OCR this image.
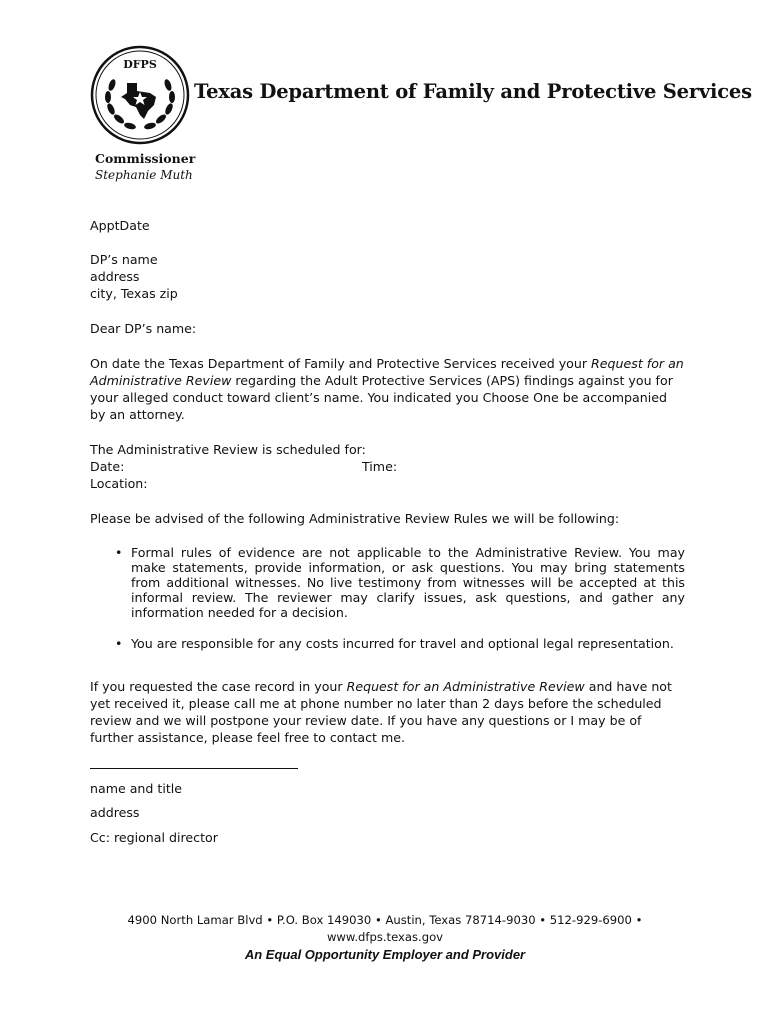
DFPS
Texas Department of Family and Protective Services
Commissioner
Stephanie Muth
ApptDate
DP’s name
address
city, Texas zip
Dear DP’s name:
On date the Texas Department of Family and Protective Services received your Request for an Administrative Review regarding the Adult Protective Services (APS) findings against you for your alleged conduct toward client’s name. You indicated you Choose One be accompanied by an attorney.
The Administrative Review is scheduled for:
Date:	Time:
Location:
Please be advised of the following Administrative Review Rules we will be following:
• Formal rules of evidence are not applicable to the Administrative Review. You may make statements, provide information, or ask questions. You may bring statements from additional witnesses. No live testimony from witnesses will be accepted at this informal review. The reviewer may clarify issues, ask questions, and gather any information needed for a decision.
• You are responsible for any costs incurred for travel and optional legal representation.
If you requested the case record in your Request for an Administrative Review and have not yet received it, please call me at phone number no later than 2 days before the scheduled review and we will postpone your review date. If you have any questions or I may be of further assistance, please feel free to contact me.
name and title
address
Cc: regional director
4900 North Lamar Blvd • P.O. Box 149030 • Austin, Texas 78714-9030 • 512-929-6900 •
www.dfps.texas.gov
An Equal Opportunity Employer and Provider
